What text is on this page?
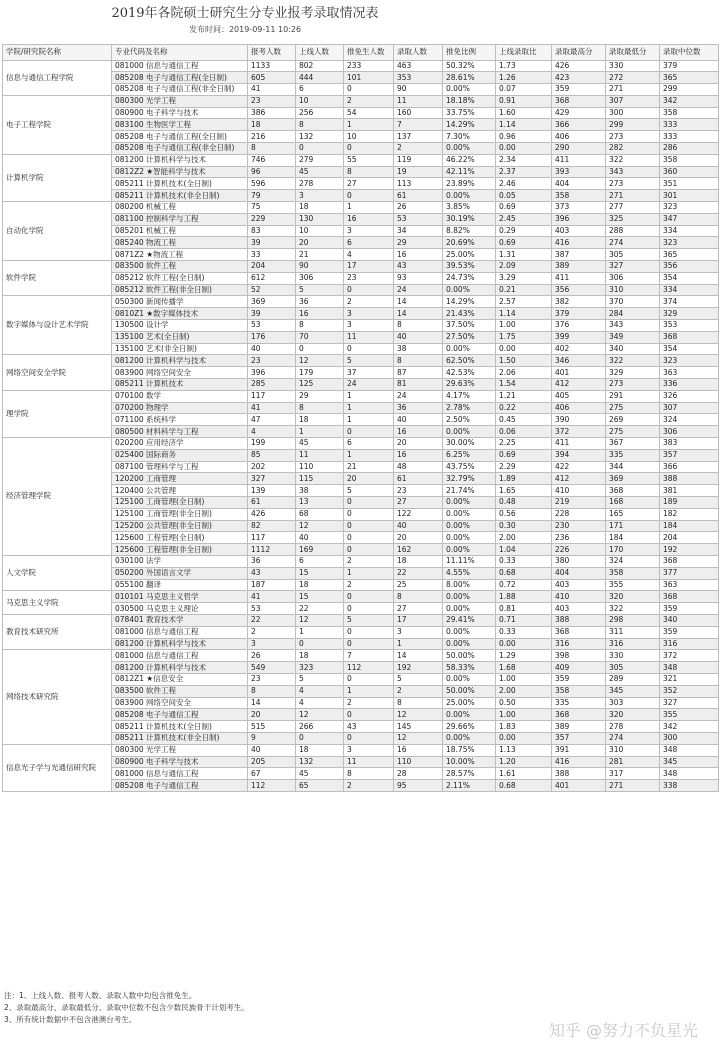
2019年各院硕士研究生分专业报考录取情况表
发布时间：2019-09-11 10:26
学院/研究院名称	专业代码及名称	报考人数	上线人数	推免生人数	录取人数	推免比例	上线录取比	录取最高分	录取最低分	录取中位数
信息与通信工程学院	081000 信息与通信工程	1133	802	233	463	50.32%	1.73	426	330	379
	085208 电子与通信工程(全日制)	605	444	101	353	28.61%	1.26	423	272	365
	085208 电子与通信工程(非全日制)	41	6	0	90	0.00%	0.07	359	271	299
电子工程学院	080300 光学工程	23	10	2	11	18.18%	0.91	368	307	342
	080900 电子科学与技术	386	256	54	160	33.75%	1.60	429	300	358
	083100 生物医学工程	18	8	1	7	14.29%	1.14	366	299	333
	085208 电子与通信工程(全日制)	216	132	10	137	7.30%	0.96	406	273	333
	085208 电子与通信工程(非全日制)	8	0	0	2	0.00%	0.00	290	282	286
计算机学院	081200 计算机科学与技术	746	279	55	119	46.22%	2.34	411	322	358
	0812Z2 ★智能科学与技术	96	45	8	19	42.11%	2.37	393	343	360
	085211 计算机技术(全日制)	596	278	27	113	23.89%	2.46	404	273	351
	085211 计算机技术(非全日制)	79	3	0	61	0.00%	0.05	358	271	301
自动化学院	080200 机械工程	75	18	1	26	3.85%	0.69	373	277	323
	081100 控制科学与工程	229	130	16	53	30.19%	2.45	396	325	347
	085201 机械工程	83	10	3	34	8.82%	0.29	403	288	334
	085240 物流工程	39	20	6	29	20.69%	0.69	416	274	323
	0871Z2 ★物流工程	33	21	4	16	25.00%	1.31	387	305	365
软件学院	083500 软件工程	204	90	17	43	39.53%	2.09	389	327	356
	085212 软件工程(全日制)	612	306	23	93	24.73%	3.29	411	306	354
	085212 软件工程(非全日制)	52	5	0	24	0.00%	0.21	356	310	334
数字媒体与设计艺术学院	050300 新闻传播学	369	36	2	14	14.29%	2.57	382	370	374
	0810Z1 ★数字媒体技术	39	16	3	14	21.43%	1.14	379	284	329
	130500 设计学	53	8	3	8	37.50%	1.00	376	343	353
	135100 艺术(全日制)	176	70	11	40	27.50%	1.75	399	349	368
	135100 艺术(非全日制)	40	0	0	38	0.00%	0.00	402	340	354
网络空间安全学院	081200 计算机科学与技术	23	12	5	8	62.50%	1.50	346	322	323
	083900 网络空间安全	396	179	37	87	42.53%	2.06	401	329	363
	085211 计算机技术	285	125	24	81	29.63%	1.54	412	273	336
理学院	070100 数学	117	29	1	24	4.17%	1.21	405	291	326
	070200 物理学	41	8	1	36	2.78%	0.22	406	275	307
	071100 系统科学	47	18	1	40	2.50%	0.45	390	269	324
	080500 材料科学与工程	4	1	0	16	0.00%	0.06	372	275	306
经济管理学院	020200 应用经济学	199	45	6	20	30.00%	2.25	411	367	383
	025400 国际商务	85	11	1	16	6.25%	0.69	394	335	357
	087100 管理科学与工程	202	110	21	48	43.75%	2.29	422	344	366
	120200 工商管理	327	115	20	61	32.79%	1.89	412	369	388
	120400 公共管理	139	38	5	23	21.74%	1.65	410	368	381
	125100 工商管理(全日制)	61	13	0	27	0.00%	0.48	219	168	189
	125100 工商管理(非全日制)	426	68	0	122	0.00%	0.56	228	165	182
	125200 公共管理(非全日制)	82	12	0	40	0.00%	0.30	230	171	184
	125600 工程管理(全日制)	117	40	0	20	0.00%	2.00	236	184	204
	125600 工程管理(非全日制)	1112	169	0	162	0.00%	1.04	226	170	192
人文学院	030100 法学	36	6	2	18	11.11%	0.33	380	324	368
	050200 外国语言文学	43	15	1	22	4.55%	0.68	404	358	377
	055100 翻译	187	18	2	25	8.00%	0.72	403	355	363
马克思主义学院	010101 马克思主义哲学	41	15	0	8	0.00%	1.88	410	320	368
	030500 马克思主义理论	53	22	0	27	0.00%	0.81	403	322	359
教育技术研究所	078401 教育技术学	22	12	5	17	29.41%	0.71	388	298	340
	081000 信息与通信工程	2	1	0	3	0.00%	0.33	368	311	359
	081200 计算机科学与技术	3	0	0	1	0.00%	0.00	316	316	316
网络技术研究院	081000 信息与通信工程	26	18	7	14	50.00%	1.29	398	330	372
	081200 计算机科学与技术	549	323	112	192	58.33%	1.68	409	305	348
	0812Z1 ★信息安全	23	5	0	5	0.00%	1.00	359	289	321
	083500 软件工程	8	4	1	2	50.00%	2.00	358	345	352
	083900 网络空间安全	14	4	2	8	25.00%	0.50	335	303	327
	085208 电子与通信工程	20	12	0	12	0.00%	1.00	368	320	355
	085211 计算机技术(全日制)	515	266	43	145	29.66%	1.83	389	278	342
	085211 计算机技术(非全日制)	9	0	0	12	0.00%	0.00	357	274	300
信息光子学与光通信研究院	080300 光学工程	40	18	3	16	18.75%	1.13	391	310	348
	080900 电子科学与技术	205	132	11	110	10.00%	1.20	416	281	345
	081000 信息与通信工程	67	45	8	28	28.57%	1.61	388	317	348
	085208 电子与通信工程	112	65	2	95	2.11%	0.68	401	271	338
注：1、上线人数、报考人数、录取人数中均包含推免生。
2、录取最高分、录取最低分、录取中位数不包含少数民族骨干计划考生。
3、所有统计数据中不包含港澳台考生。
知乎 @努力不负星光
